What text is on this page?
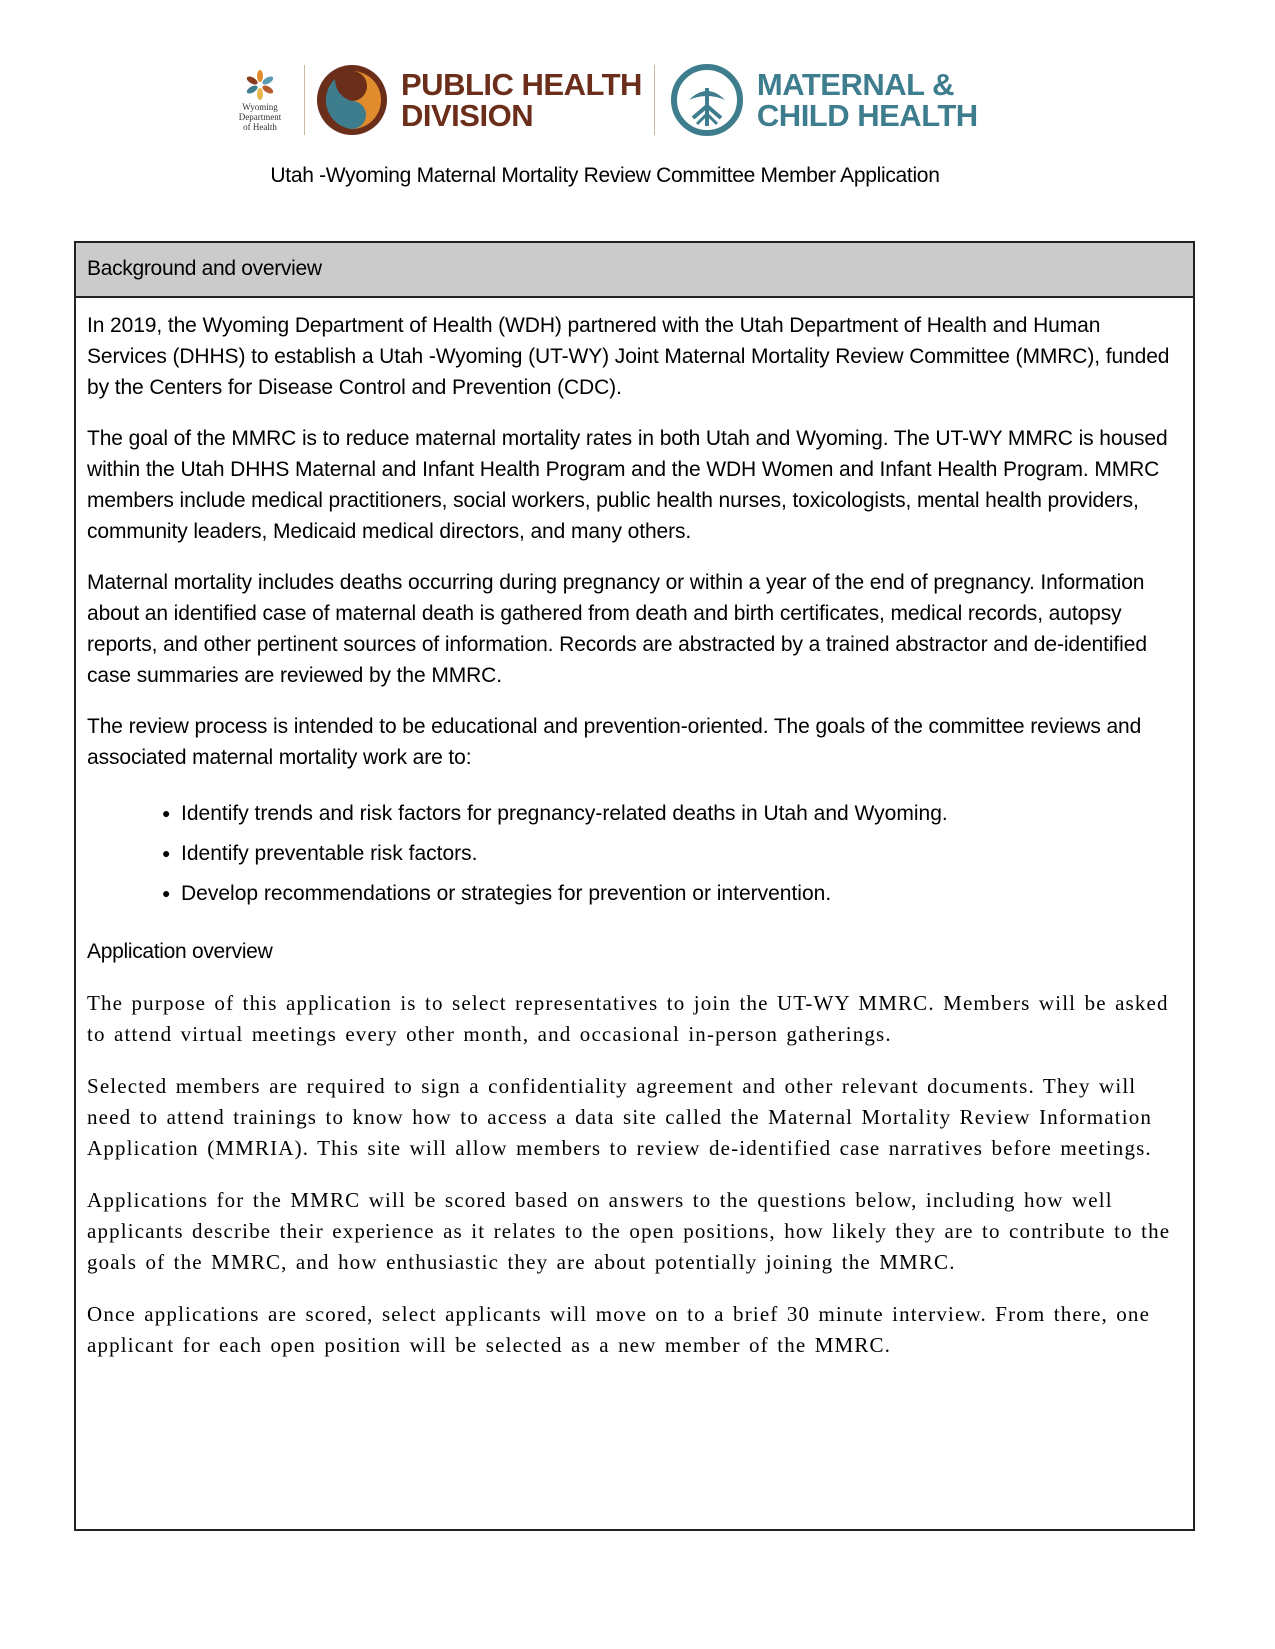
Wyoming
Department
of Health
PUBLIC HEALTH
DIVISION
MATERNAL &
CHILD HEALTH
Utah -Wyoming Maternal Mortality Review Committee Member Application
Background and overview

In 2019, the Wyoming Department of Health (WDH) partnered with the Utah Department of Health and Human Services (DHHS) to establish a Utah -Wyoming (UT-WY) Joint Maternal Mortality Review Committee (MMRC), funded by the Centers for Disease Control and Prevention (CDC).

The goal of the MMRC is to reduce maternal mortality rates in both Utah and Wyoming. The UT-WY MMRC is housed within the Utah DHHS Maternal and Infant Health Program and the WDH Women and Infant Health Program. MMRC members include medical practitioners, social workers, public health nurses, toxicologists, mental health providers, community leaders, Medicaid medical directors, and many others.

Maternal mortality includes deaths occurring during pregnancy or within a year of the end of pregnancy. Information about an identified case of maternal death is gathered from death and birth certificates, medical records, autopsy reports, and other pertinent sources of information. Records are abstracted by a trained abstractor and de-identified case summaries are reviewed by the MMRC.

The review process is intended to be educational and prevention-oriented. The goals of the committee reviews and associated maternal mortality work are to:

● Identify trends and risk factors for pregnancy-related deaths in Utah and Wyoming.
● Identify preventable risk factors.
● Develop recommendations or strategies for prevention or intervention.
Application overview

The purpose of this application is to select representatives to join the UT-WY MMRC. Members will be asked to attend virtual meetings every other month, and occasional in-person gatherings.

Selected members are required to sign a confidentiality agreement and other relevant documents. They will need to attend trainings to know how to access a data site called the Maternal Mortality Review Information Application (MMRIA). This site will allow members to review de-identified case narratives before meetings.

Applications for the MMRC will be scored based on answers to the questions below, including how well applicants describe their experience as it relates to the open positions, how likely they are to contribute to the goals of the MMRC, and how enthusiastic they are about potentially joining the MMRC.

Once applications are scored, select applicants will move on to a brief 30 minute interview. From there, one applicant for each open position will be selected as a new member of the MMRC.
